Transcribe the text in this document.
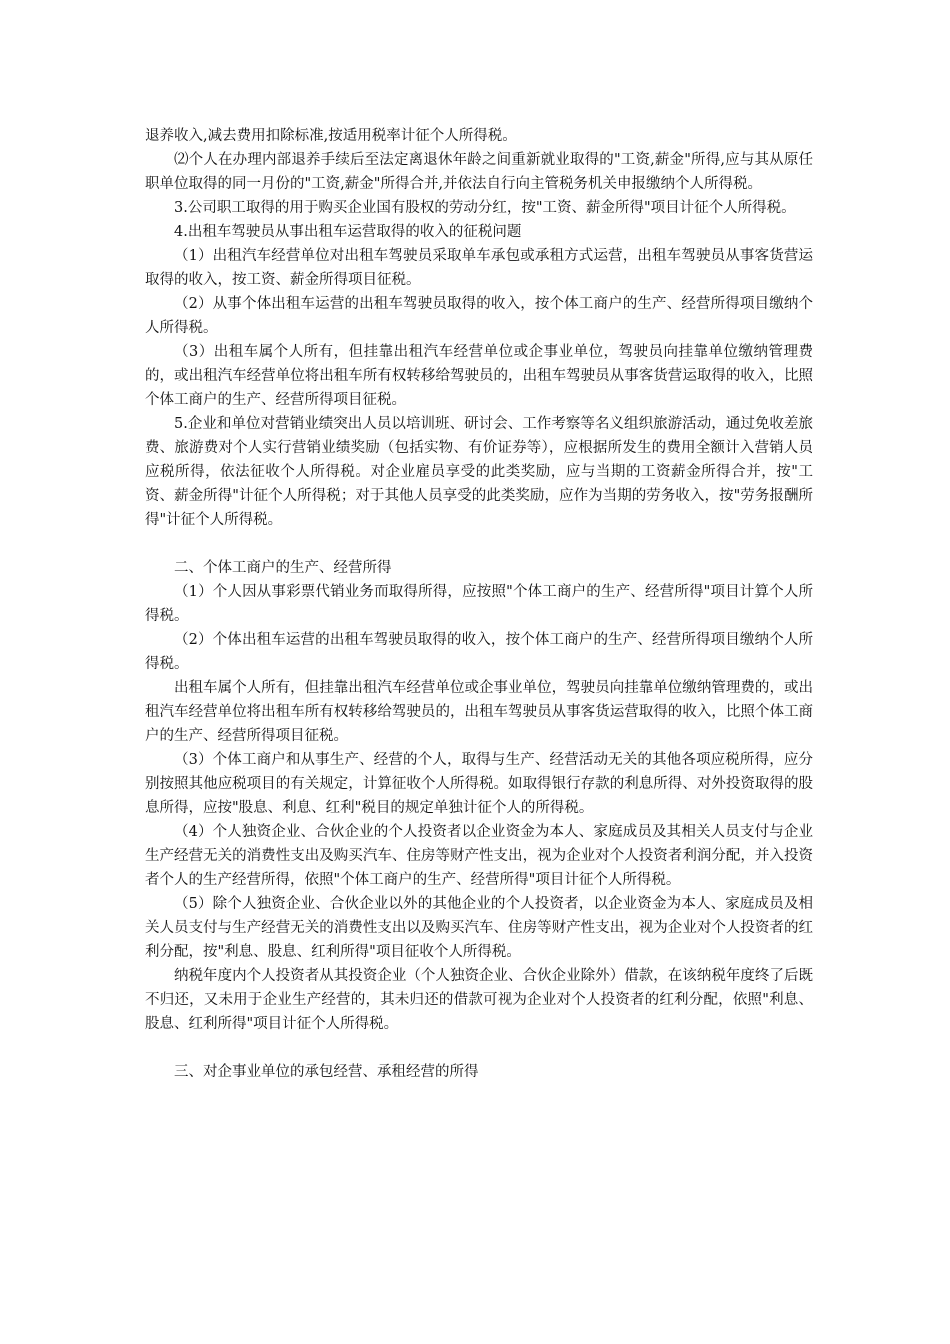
退养收入,减去费用扣除标准,按适用税率计征个人所得税。

⑵个人在办理内部退养手续后至法定离退休年龄之间重新就业取得的"工资,薪金"所得,应与其从原任职单位取得的同一月份的"工资,薪金"所得合并,并依法自行向主管税务机关申报缴纳个人所得税。

3.公司职工取得的用于购买企业国有股权的劳动分红，按"工资、薪金所得"项目计征个人所得税。

4.出租车驾驶员从事出租车运营取得的收入的征税问题

（1）出租汽车经营单位对出租车驾驶员采取单车承包或承租方式运营，出租车驾驶员从事客货营运取得的收入，按工资、薪金所得项目征税。

（2）从事个体出租车运营的出租车驾驶员取得的收入，按个体工商户的生产、经营所得项目缴纳个人所得税。

（3）出租车属个人所有，但挂靠出租汽车经营单位或企事业单位，驾驶员向挂靠单位缴纳管理费的，或出租汽车经营单位将出租车所有权转移给驾驶员的，出租车驾驶员从事客货营运取得的收入，比照个体工商户的生产、经营所得项目征税。

5.企业和单位对营销业绩突出人员以培训班、研讨会、工作考察等名义组织旅游活动，通过免收差旅费、旅游费对个人实行营销业绩奖励（包括实物、有价证券等），应根据所发生的费用全额计入营销人员应税所得，依法征收个人所得税。对企业雇员享受的此类奖励，应与当期的工资薪金所得合并，按"工资、薪金所得"计征个人所得税；对于其他人员享受的此类奖励，应作为当期的劳务收入，按"劳务报酬所得"计征个人所得税。

二、个体工商户的生产、经营所得

（1）个人因从事彩票代销业务而取得所得，应按照"个体工商户的生产、经营所得"项目计算个人所得税。

（2）个体出租车运营的出租车驾驶员取得的收入，按个体工商户的生产、经营所得项目缴纳个人所得税。

出租车属个人所有，但挂靠出租汽车经营单位或企事业单位，驾驶员向挂靠单位缴纳管理费的，或出租汽车经营单位将出租车所有权转移给驾驶员的，出租车驾驶员从事客货运营取得的收入，比照个体工商户的生产、经营所得项目征税。

（3）个体工商户和从事生产、经营的个人，取得与生产、经营活动无关的其他各项应税所得，应分别按照其他应税项目的有关规定，计算征收个人所得税。如取得银行存款的利息所得、对外投资取得的股息所得，应按"股息、利息、红利"税目的规定单独计征个人的所得税。

（4）个人独资企业、合伙企业的个人投资者以企业资金为本人、家庭成员及其相关人员支付与企业生产经营无关的消费性支出及购买汽车、住房等财产性支出，视为企业对个人投资者利润分配，并入投资者个人的生产经营所得，依照"个体工商户的生产、经营所得"项目计征个人所得税。

（5）除个人独资企业、合伙企业以外的其他企业的个人投资者，以企业资金为本人、家庭成员及相关人员支付与生产经营无关的消费性支出以及购买汽车、住房等财产性支出，视为企业对个人投资者的红利分配，按"利息、股息、红利所得"项目征收个人所得税。

纳税年度内个人投资者从其投资企业（个人独资企业、合伙企业除外）借款，在该纳税年度终了后既不归还，又未用于企业生产经营的，其未归还的借款可视为企业对个人投资者的红利分配，依照"利息、股息、红利所得"项目计征个人所得税。

三、对企事业单位的承包经营、承租经营的所得
